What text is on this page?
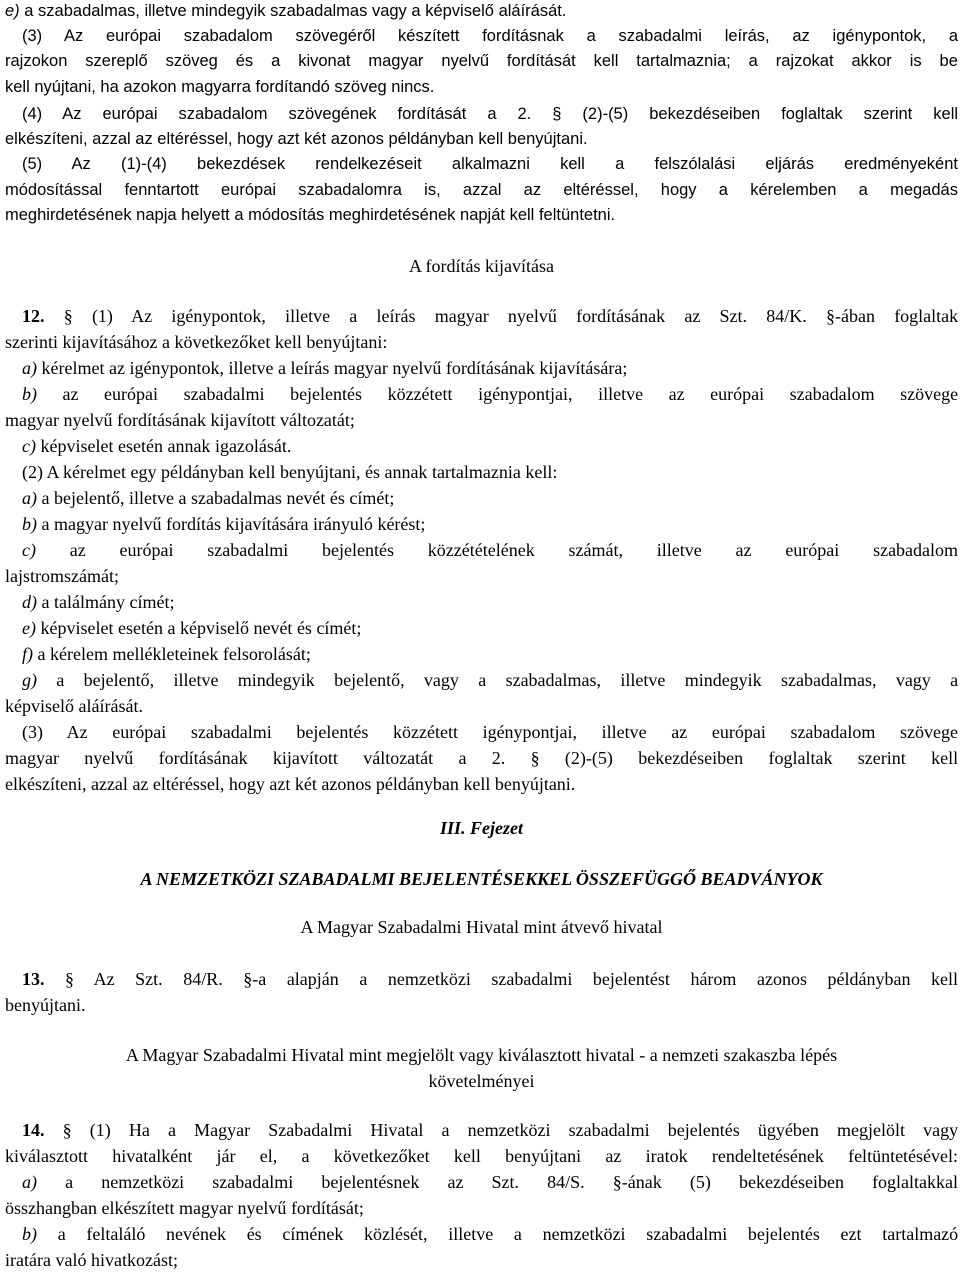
e) a szabadalmas, illetve mindegyik szabadalmas vagy a képviselő aláírását.
(3) Az európai szabadalom szövegéről készített fordításnak a szabadalmi leírás, az igénypontok, a
rajzokon szereplő szöveg és a kivonat magyar nyelvű fordítását kell tartalmaznia; a rajzokat akkor is be
kell nyújtani, ha azokon magyarra fordítandó szöveg nincs.
(4) Az európai szabadalom szövegének fordítását a 2. § (2)-(5) bekezdéseiben foglaltak szerint kell
elkészíteni, azzal az eltéréssel, hogy azt két azonos példányban kell benyújtani.
(5) Az (1)-(4) bekezdések rendelkezéseit alkalmazni kell a felszólalási eljárás eredményeként
módosítással fenntartott európai szabadalomra is, azzal az eltéréssel, hogy a kérelemben a megadás
meghirdetésének napja helyett a módosítás meghirdetésének napját kell feltüntetni.
A fordítás kijavítása
12. § (1) Az igénypontok, illetve a leírás magyar nyelvű fordításának az Szt. 84/K. §-ában foglaltak
szerinti kijavításához a következőket kell benyújtani:
a) kérelmet az igénypontok, illetve a leírás magyar nyelvű fordításának kijavítására;
b) az európai szabadalmi bejelentés közzétett igénypontjai, illetve az európai szabadalom szövege
magyar nyelvű fordításának kijavított változatát;
c) képviselet esetén annak igazolását.
(2) A kérelmet egy példányban kell benyújtani, és annak tartalmaznia kell:
a) a bejelentő, illetve a szabadalmas nevét és címét;
b) a magyar nyelvű fordítás kijavítására irányuló kérést;
c) az európai szabadalmi bejelentés közzétételének számát, illetve az európai szabadalom
lajstromszámát;
d) a találmány címét;
e) képviselet esetén a képviselő nevét és címét;
f) a kérelem mellékleteinek felsorolását;
g) a bejelentő, illetve mindegyik bejelentő, vagy a szabadalmas, illetve mindegyik szabadalmas, vagy a
képviselő aláírását.
(3) Az európai szabadalmi bejelentés közzétett igénypontjai, illetve az európai szabadalom szövege
magyar nyelvű fordításának kijavított változatát a 2. § (2)-(5) bekezdéseiben foglaltak szerint kell
elkészíteni, azzal az eltéréssel, hogy azt két azonos példányban kell benyújtani.
III. Fejezet
A NEMZETKÖZI SZABADALMI BEJELENTÉSEKKEL ÖSSZEFÜGGŐ BEADVÁNYOK
A Magyar Szabadalmi Hivatal mint átvevő hivatal
13. § Az Szt. 84/R. §-a alapján a nemzetközi szabadalmi bejelentést három azonos példányban kell
benyújtani.
A Magyar Szabadalmi Hivatal mint megjelölt vagy kiválasztott hivatal - a nemzeti szakaszba lépés
követelményei
14. § (1) Ha a Magyar Szabadalmi Hivatal a nemzetközi szabadalmi bejelentés ügyében megjelölt vagy
kiválasztott hivatalként jár el, a következőket kell benyújtani az iratok rendeltetésének feltüntetésével:
a) a nemzetközi szabadalmi bejelentésnek az Szt. 84/S. §-ának (5) bekezdéseiben foglaltakkal
összhangban elkészített magyar nyelvű fordítását;
b) a feltaláló nevének és címének közlését, illetve a nemzetközi szabadalmi bejelentés ezt tartalmazó
iratára való hivatkozást;
